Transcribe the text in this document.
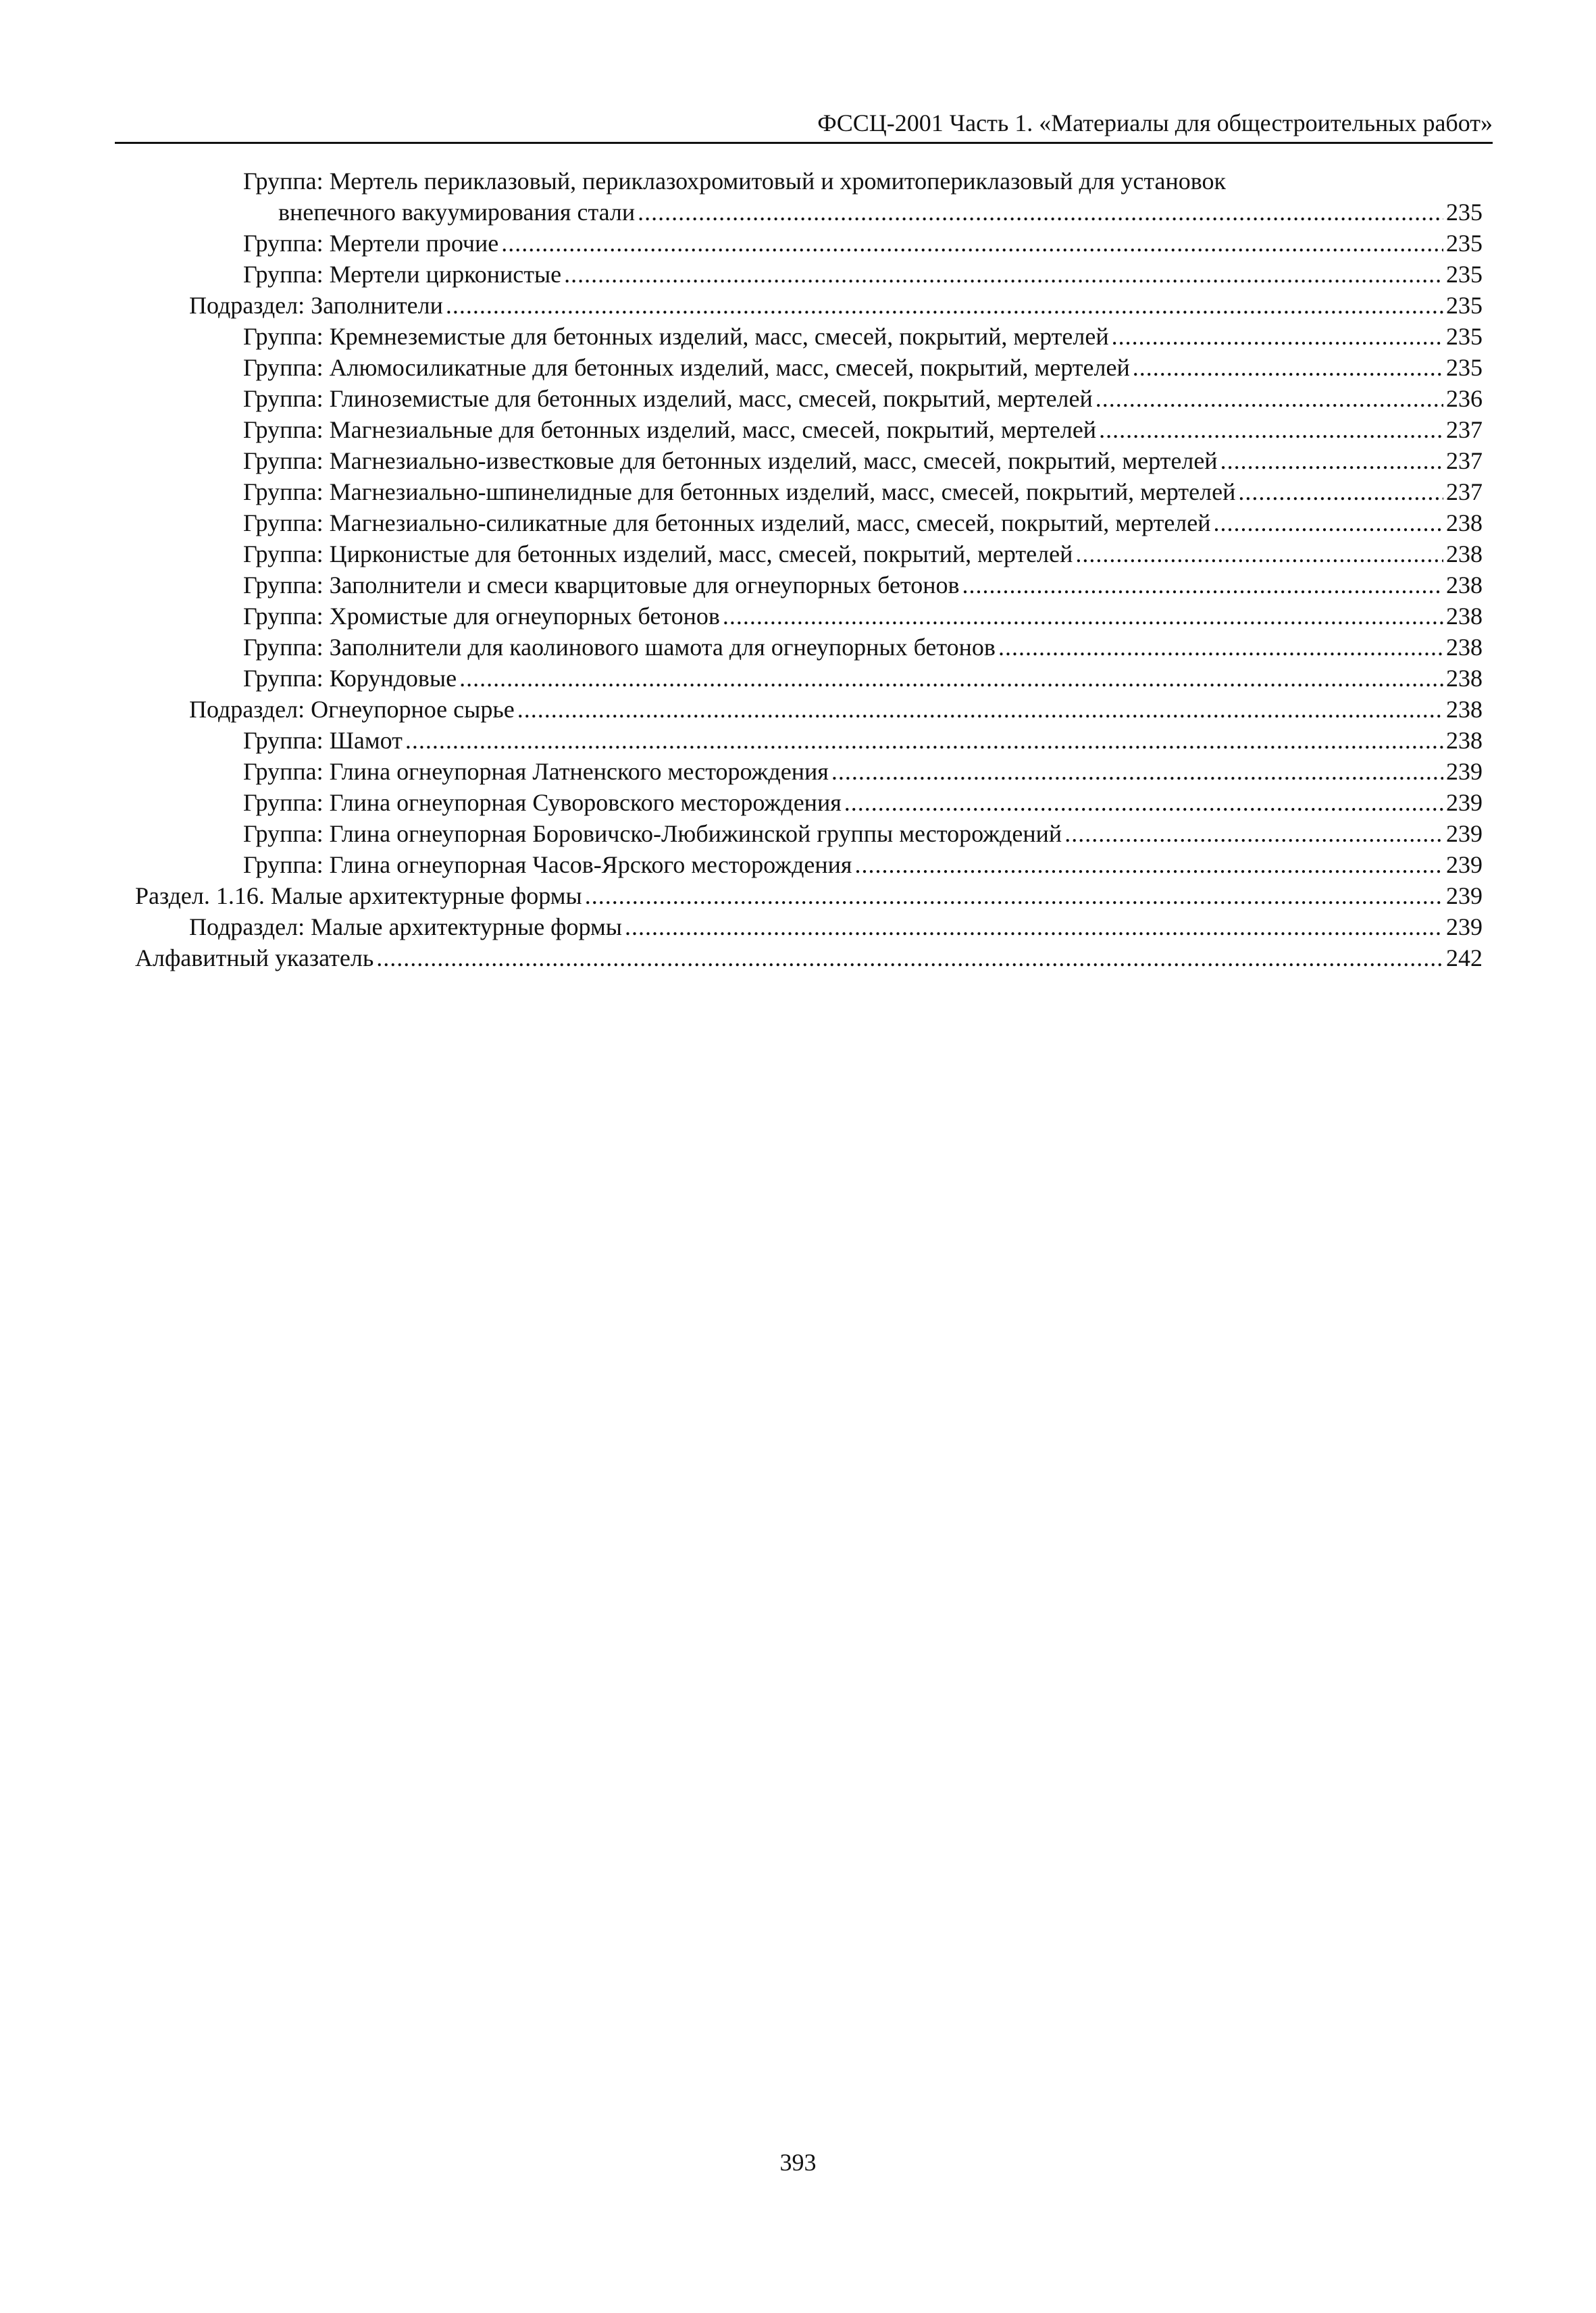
ФССЦ-2001 Часть 1. «Материалы для общестроительных работ»
Группа: Мертель периклазовый, периклазохромитовый и хромитопериклазовый для установок
внепечного вакуумирования стали .....	235
Группа: Мертели прочие .....	235
Группа: Мертели цирконистые .....	235
Подраздел: Заполнители .....	235
Группа: Кремнеземистые для бетонных изделий, масс, смесей, покрытий, мертелей .....	235
Группа: Алюмосиликатные для бетонных изделий, масс, смесей, покрытий, мертелей .....	235
Группа: Глиноземистые для бетонных изделий, масс, смесей, покрытий, мертелей .....	236
Группа: Магнезиальные для бетонных изделий, масс, смесей, покрытий, мертелей .....	237
Группа: Магнезиально-известковые для бетонных изделий, масс, смесей, покрытий, мертелей .....	237
Группа: Магнезиально-шпинелидные для бетонных изделий, масс, смесей, покрытий, мертелей .....	237
Группа: Магнезиально-силикатные для бетонных изделий, масс, смесей, покрытий, мертелей .....	238
Группа: Цирконистые для бетонных изделий, масс, смесей, покрытий, мертелей .....	238
Группа: Заполнители и смеси кварцитовые для огнеупорных бетонов .....	238
Группа: Хромистые для огнеупорных бетонов .....	238
Группа: Заполнители для каолинового шамота для огнеупорных бетонов .....	238
Группа: Корундовые .....	238
Подраздел: Огнеупорное сырье .....	238
Группа: Шамот .....	238
Группа: Глина огнеупорная Латненского месторождения .....	239
Группа: Глина огнеупорная Суворовского месторождения .....	239
Группа: Глина огнеупорная Боровичско-Любижинской группы месторождений .....	239
Группа: Глина огнеупорная Часов-Ярского месторождения .....	239
Раздел. 1.16. Малые архитектурные формы .....	239
Подраздел: Малые архитектурные формы .....	239
Алфавитный указатель .....	242
393
